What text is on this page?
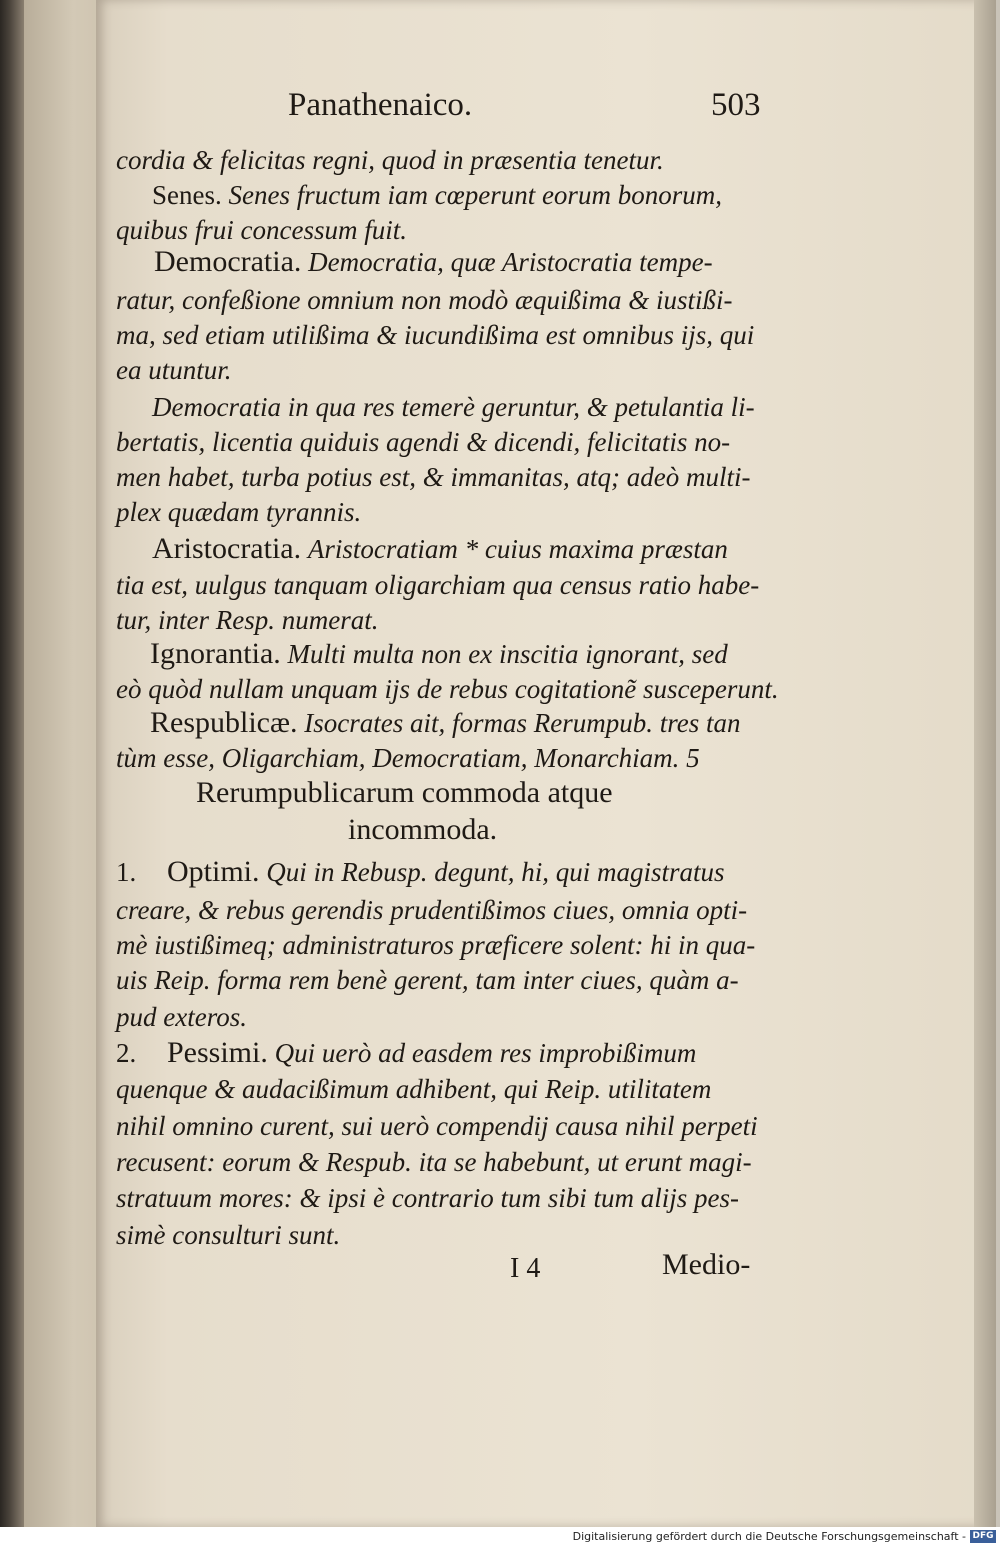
Panathenaico.	503
cordia & felicitas regni, quod in præsentia tenetur.
Senes. Senes fructum iam cœperunt eorum bonorum,
quibus frui concessum fuit.
Democratia. Democratia, quæ Aristocratia tempe-
ratur, confeßione omnium non modò æquißima & iustißi-
ma, sed etiam utilißima & iucundißima est omnibus ijs, qui
ea utuntur.
Democratia in qua res temerè geruntur, & petulantia li-
bertatis, licentia quiduis agendi & dicendi, felicitatis no-
men habet, turba potius est, & immanitas, atq; adeò multi-
plex quædam tyrannis.
Aristocratia. Aristocratiam * cuius maxima præstan
tia est, uulgus tanquam oligarchiam qua census ratio habe-
tur, inter Resp. numerat.
Ignorantia. Multi multa non ex inscitia ignorant, sed
eò quòd nullam unquam ijs de rebus cogitationẽ susceperunt.
Respublicæ. Isocrates ait, formas Rerumpub. tres tan
tùm esse, Oligarchiam, Democratiam, Monarchiam. 5
Rerumpublicarum commoda atque
incommoda.
1. Optimi. Qui in Rebusp. degunt, hi, qui magistratus
creare, & rebus gerendis prudentißimos ciues, omnia opti-
mè iustißimeq; administraturos præficere solent: hi in qua-
uis Reip. forma rem benè gerent, tam inter ciues, quàm a-
pud exteros.
2. Pessimi. Qui uerò ad easdem res improbißimum
quenque & audacißimum adhibent, qui Reip. utilitatem
nihil omnino curent, sui uerò compendij causa nihil perpeti
recusent: eorum & Respub. ita se habebunt, ut erunt magi-
stratuum mores: & ipsi è contrario tum sibi tum alijs pes-
simè consulturi sunt.
I 4	Medio-
Digitalisierung gefördert durch die Deutsche Forschungsgemeinschaft - DFG
